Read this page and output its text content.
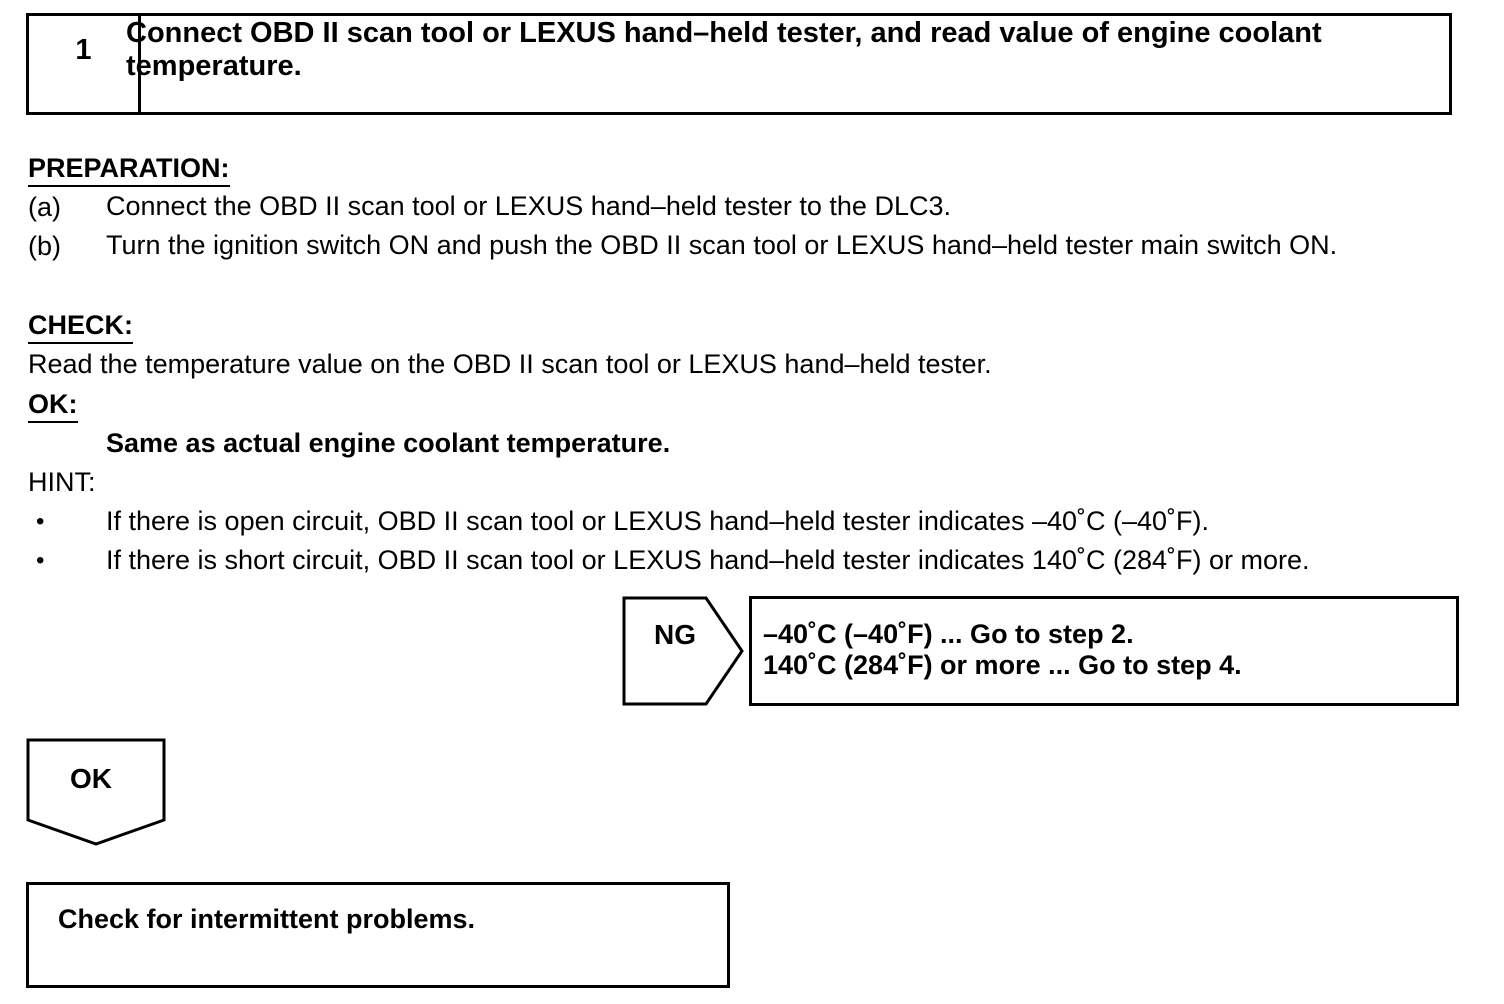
1
Connect OBD II scan tool or LEXUS hand–held tester, and read value of engine coolant temperature.
PREPARATION:
(a) Connect the OBD II scan tool or LEXUS hand–held tester to the DLC3.
(b) Turn the ignition switch ON and push the OBD II scan tool or LEXUS hand–held tester main switch ON.
CHECK:
Read the temperature value on the OBD II scan tool or LEXUS hand–held tester.
OK:
Same as actual engine coolant temperature.
HINT:
• If there is open circuit, OBD II scan tool or LEXUS hand–held tester indicates –40˚C (–40˚F).
• If there is short circuit, OBD II scan tool or LEXUS hand–held tester indicates 140˚C (284˚F) or more.
NG –40˚C (–40˚F) ... Go to step 2.
140˚C (284˚F) or more ... Go to step 4.
OK
Check for intermittent problems.
